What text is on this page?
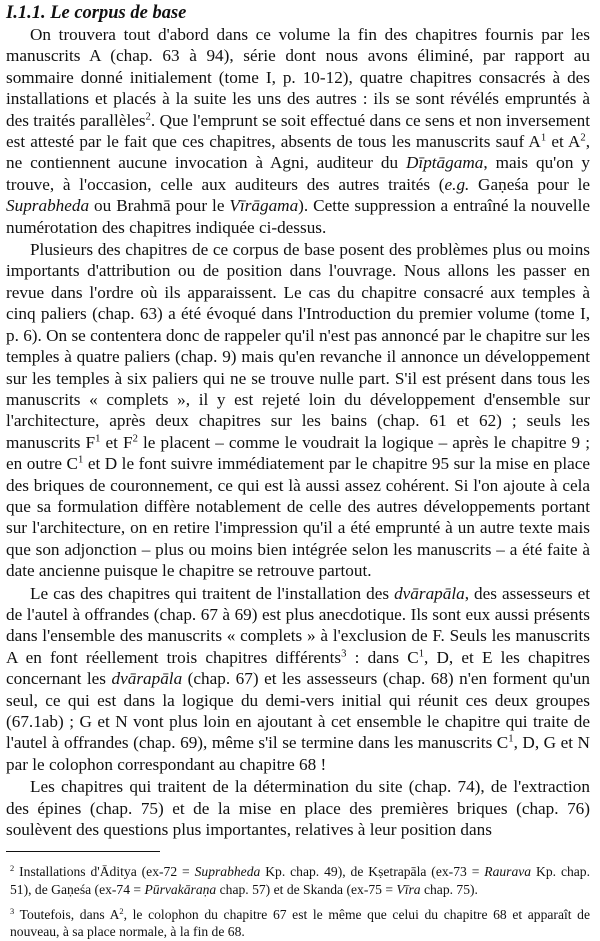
I.1.1. Le corpus de base

On trouvera tout d'abord dans ce volume la fin des chapitres fournis par les manuscrits A (chap. 63 à 94), série dont nous avons éliminé, par rapport au sommaire donné initialement (tome I, p. 10-12), quatre chapitres consacrés à des installations et placés à la suite les uns des autres : ils se sont révélés empruntés à des traités parallèles$^2$. Que l'emprunt se soit effectué dans ce sens et non inversement est attesté par le fait que ces chapitres, absents de tous les manuscrits sauf $A^1$ et $A^2$, ne contiennent aucune invocation à Agni, auditeur du Dīptāgama, mais qu'on y trouve, à l'occasion, celle aux auditeurs des autres traités (e.g. Gaṇeśa pour le Suprabheda ou Brahmā pour le Vīrāgama). Cette suppression a entraîné la nouvelle numérotation des chapitres indiquée ci-dessus.

Plusieurs des chapitres de ce corpus de base posent des problèmes plus ou moins importants d'attribution ou de position dans l'ouvrage. Nous allons les passer en revue dans l'ordre où ils apparaissent. Le cas du chapitre consacré aux temples à cinq paliers (chap. 63) a été évoqué dans l'Introduction du premier volume (tome I, p. 6). On se contentera donc de rappeler qu'il n'est pas annoncé par le chapitre sur les temples à quatre paliers (chap. 9) mais qu'en revanche il annonce un développement sur les temples à six paliers qui ne se trouve nulle part. S'il est présent dans tous les manuscrits « complets », il y est rejeté loin du développement d'ensemble sur l'architecture, après deux chapitres sur les bains (chap. 61 et 62) ; seuls les manuscrits $F^1$ et $F^2$ le placent – comme le voudrait la logique – après le chapitre 9 ; en outre $C^1$ et D le font suivre immédiatement par le chapitre 95 sur la mise en place des briques de couronnement, ce qui est là aussi assez cohérent. Si l'on ajoute à cela que sa formulation diffère notablement de celle des autres développements portant sur l'architecture, on en retire l'impression qu'il a été emprunté à un autre texte mais que son adjonction – plus ou moins bien intégrée selon les manuscrits – a été faite à date ancienne puisque le chapitre se retrouve partout.

Le cas des chapitres qui traitent de l'installation des dvārapāla, des assesseurs et de l'autel à offrandes (chap. 67 à 69) est plus anecdotique. Ils sont eux aussi présents dans l'ensemble des manuscrits « complets » à l'exclusion de F. Seuls les manuscrits A en font réellement trois chapitres différents$^3$ : dans $C^1$, D, et E les chapitres concernant les dvārapāla (chap. 67) et les assesseurs (chap. 68) n'en forment qu'un seul, ce qui est dans la logique du demi-vers initial qui réunit ces deux groupes (67.1ab) ; G et N vont plus loin en ajoutant à cet ensemble le chapitre qui traite de l'autel à offrandes (chap. 69), même s'il se termine dans les manuscrits $C^1$, D, G et N par le colophon correspondant au chapitre 68 !

Les chapitres qui traitent de la détermination du site (chap. 74), de l'extraction des épines (chap. 75) et de la mise en place des premières briques (chap. 76) soulèvent des questions plus importantes, relatives à leur position dans

$^2$ Installations d'Āditya (ex-72 = Suprabheda Kp. chap. 49), de Kṣetrapāla (ex-73 = Raurava Kp. chap. 51), de Gaṇeśa (ex-74 = Pūrvakāraṇa chap. 57) et de Skanda (ex-75 = Vīra chap. 75).

$^3$ Toutefois, dans $A^2$, le colophon du chapitre 67 est le même que celui du chapitre 68 et apparaît de nouveau, à sa place normale, à la fin de 68.
